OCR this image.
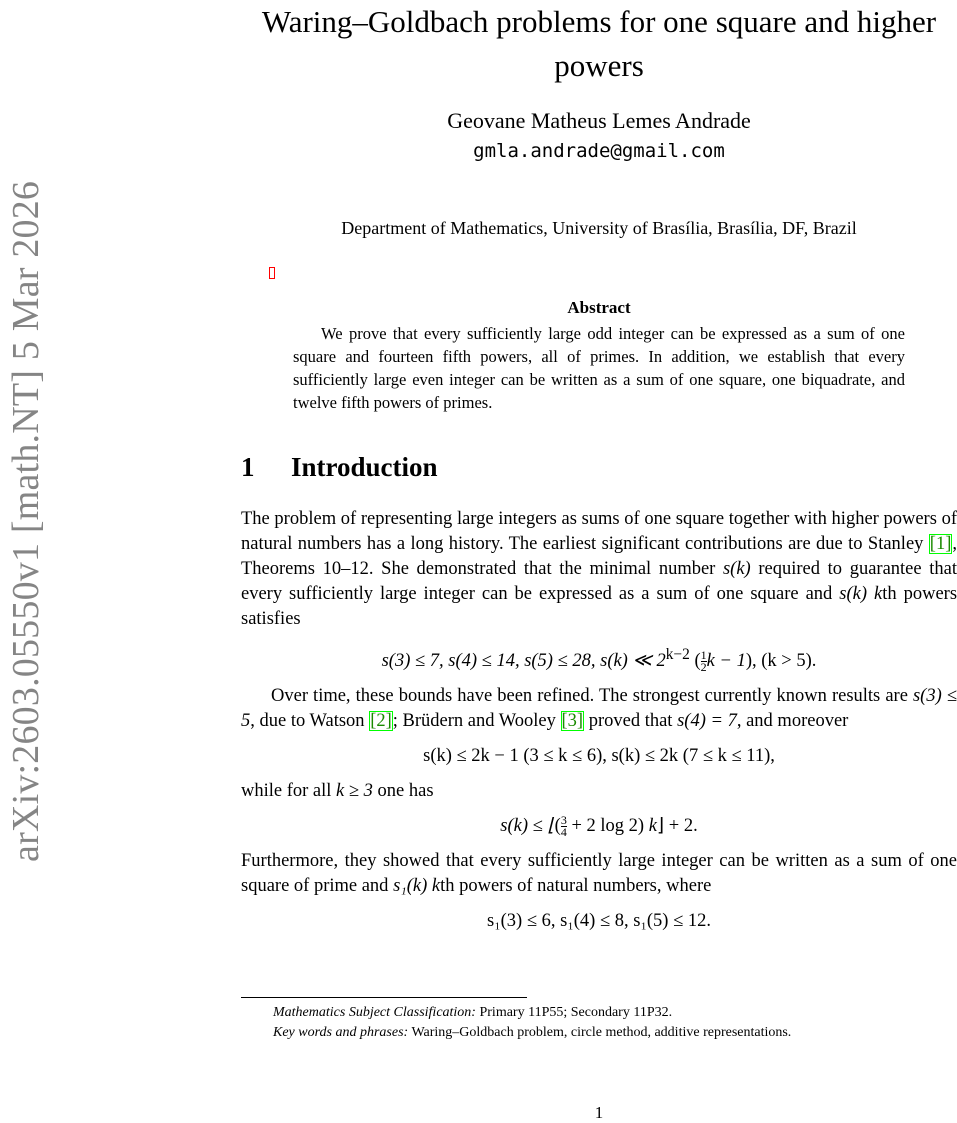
arXiv:2603.05550v1 [math.NT] 5 Mar 2026
Waring–Goldbach problems for one square and higher powers
Geovane Matheus Lemes Andrade
gmla.andrade@gmail.com
Department of Mathematics, University of Brasília, Brasília, DF, Brazil
Abstract

We prove that every sufficiently large odd integer can be expressed as a sum of one square and fourteen fifth powers, all of primes. In addition, we establish that every sufficiently large even integer can be written as a sum of one square, one biquadrate, and twelve fifth powers of primes.

1 Introduction

The problem of representing large integers as sums of one square together with higher powers of natural numbers has a long history. The earliest significant contributions are due to Stanley [1], Theorems 10–12. She demonstrated that the minimal number s(k) required to guarantee that every sufficiently large integer can be expressed as a sum of one square and s(k) kth powers satisfies

s(3) ≤ 7, s(4) ≤ 14, s(5) ≤ 28, s(k) ≪ $2^{k-2}$ ( $\frac{1}{2}$ k − 1), (k > 5).

Over time, these bounds have been refined. The strongest currently known results are s(3) ≤ 5, due to Watson [2]; Brüdern and Wooley [3] proved that s(4) = 7, and moreover

s(k) ≤ 2k − 1 (3 ≤ k ≤ 6), s(k) ≤ 2k (7 ≤ k ≤ 11),

while for all k ≥ 3 one has

s(k) ≤ ⌊( $\frac{3}{4} + 2$ log 2) k⌋ + 2.

Furthermore, they showed that every sufficiently large integer can be written as a sum of one square of prime and s₁(k) kth powers of natural numbers, where

s₁(3) ≤ 6, s₁(4) ≤ 8, s₁(5) ≤ 12.

Mathematics Subject Classification: Primary 11P55; Secondary 11P32.

Key words and phrases: Waring–Goldbach problem, circle method, additive representations.

1
